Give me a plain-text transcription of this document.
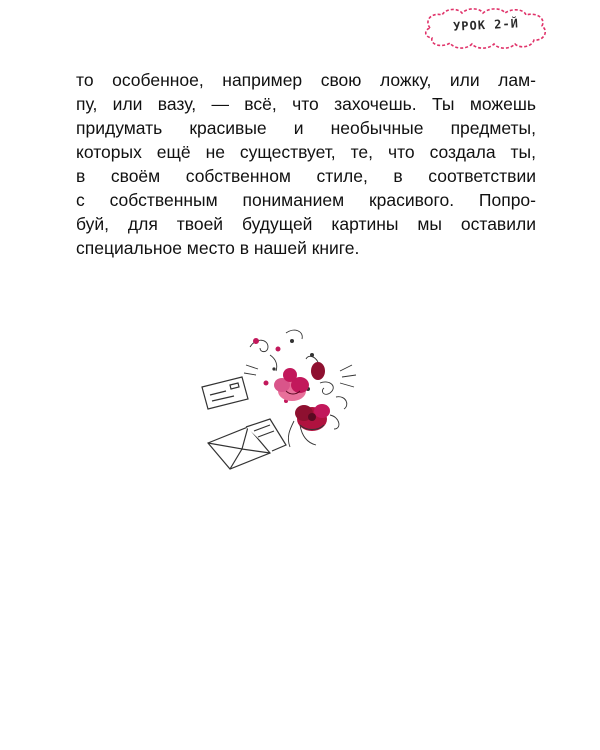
УРОК 2-Й
то особенное, например свою ложку, или лам-
пу, или вазу, — всё, что захочешь. Ты можешь
придумать красивые и необычные предметы,
которых ещё не существует, те, что создала ты,
в своём собственном стиле, в соответствии
с собственным пониманием красивого. Попро-
буй, для твоей будущей картины мы оставили
специальное место в нашей книге.
